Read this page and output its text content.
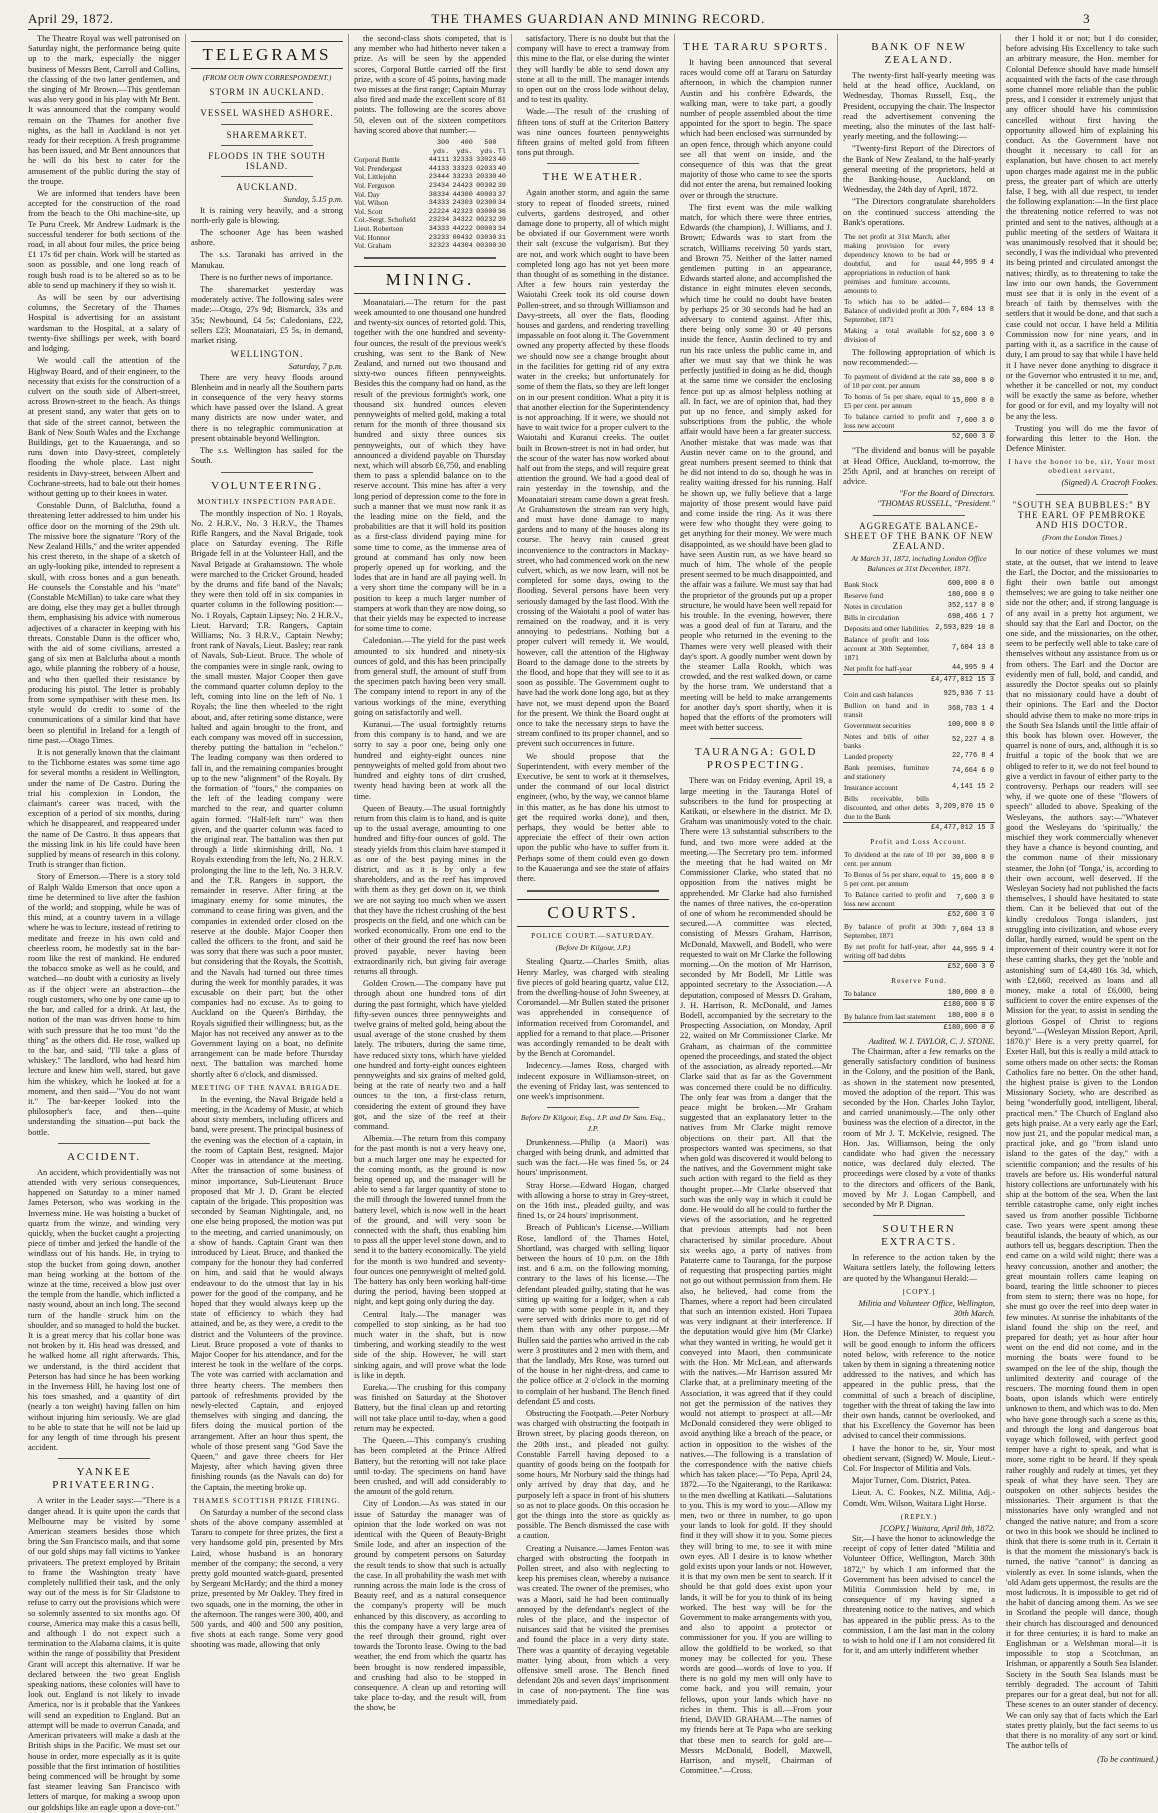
April 29, 1872.	THE THAMES GUARDIAN AND MINING RECORD.	3

The Theatre Royal was well patronised on Saturday night, the performance being quite up to the mark, especially the nigger business of Messrs Bent, Carroll and Collins, the classing of the two latter gentlemen, and the singing of Mr Brown.—This gentleman was also very good in his play with Mr Bent. It was announced that the company would remain on the Thames for another five nights, as the hall in Auckland is not yet ready for their reception. A fresh programme has been issued, and Mr Bent announces that he will do his best to cater for the amusement of the public during the stay of the troupe.

We are informed that tenders have been accepted for the construction of the road from the beach to the Ohi machine-site, up Te Puru Creek. Mr Andrew Ludmark is the successful tenderer for both sections of the road, in all about four miles, the price being £1 17s 6d per chain. Work will be started as soon as possible, and one long reach of rough bush road is to be altered so as to be able to send up machinery if they so wish it.

As will be seen by our advertising columns, the Secretary of the Thames Hospital is advertising for an assistant wardsman to the Hospital, at a salary of twenty-five shillings per week, with board and lodging.

We would call the attention of the Highway Board, and of their engineer, to the necessity that exists for the construction of a culvert on the south side of Albert-street, across Brown-street to the beach. As things at present stand, any water that gets on to that side of the street cannot, between the Bank of New South Wales and the Exchange Buildings, get to the Kauaeranga, and so runs down into Davy-street, completely flooding the whole place. Last night residents in Davy-street, between Albert and Cochrane-streets, had to bale out their homes without getting up to their knees in water.

Constable Dunn, of Balclutha, found a threatening letter addressed to him under his office door on the morning of the 29th ult. The missive bore the signature "Rory of the New Zealand Hills," and the writer appended his crest thereto, in the shape of a sketch of an ugly-looking pike, intended to represent a skull, with cross bones and a gun beneath. He counsels the Constable and his "mate" (Constable McMillan) to take care what they are doing, else they may get a bullet through them, emphasising his advice with numerous adjectives of a character in keeping with his threats. Constable Dunn is the officer who, with the aid of some civilians, arrested a gang of six men at Balclutha about a month ago, while planning the robbery of a house, and who then quelled their resistance by producing his pistol. The letter is probably from some sympathiser with these men. Its style would do credit to some of the communications of a similar kind that have been so plentiful in Ireland for a length of time past.—Otago Times.

It is not generally known that the claimant to the Tichborne estates was some time ago for several months a resident in Wellington, under the name of De Castro. During the trial his complexion in London, the claimant's career was traced, with the exception of a period of six months, during which he disappeared, and reappeared under the name of De Castro. It thus appears that the missing link in his life could have been supplied by means of research in this colony. Truth is stranger than fiction.

Story of Emerson.—There is a story told of Ralph Waldo Emerson that once upon a time he determined to live after the fashion of the world; and stopping, while he was of this mind, at a country tavern in a village where he was to lecture, instead of retiring to meditate and freeze in his own cold and cheerless room, he modestly sat in the bar-room like the rest of mankind. He endured the tobacco smoke as well as he could, and watched—no doubt with a curiosity as lively as if the object were an abstraction—the rough customers, who one by one came up to the bar, and called for a drink. At last, the notion of the man was driven home to him with such pressure that he too must "do the thing" as the others did. He rose, walked up to the bar, and said, "I'll take a glass of whiskey." The landlord, who had heard him lecture and knew him well, stared, but gave him the whiskey, which he looked at for a moment, and then said—"You do not want it." The bar-keeper looked into the philosopher's face, and then—quite understanding the situation—put back the bottle.

ACCIDENT.

An accident, which providentially was not attended with very serious consequences, happened on Saturday to a miner named James Peterson, who was working in the Inverness mine. He was hoisting a bucket of quartz from the winze, and winding very quickly, when the bucket caught a projecting piece of timber and jerked the handle of the windlass out of his hands. He, in trying to stop the bucket from going down, another man being working at the bottom of the winze at the time, received a blow just over the temple from the handle, which inflicted a nasty wound, about an inch long. The second turn of the handle struck him on the shoulder, and so managed to hold the bucket. It is a great mercy that his collar bone was not broken by it. His head was dressed, and he walked home all right afterwards. This, we understand, is the third accident that Peterson has had since he has been working in the Inverness Hill, he having lost one of his toes smashed, and a quantity of dirt (nearly a ton weight) having fallen on him without injuring him seriously. We are glad to be able to state that he will not be laid up for any length of time through his present accident.

YANKEE PRIVATEERING.

A writer in the Leader says:—"There is a danger ahead. It is quite upon the cards that Melbourne may be visited by some American steamers besides those which bring the San Francisco mails, and that some of our gold ships may fall victims to Yankee privateers. The pretext employed by Britain to frame the Washington treaty have completely nullified their task, and the only way out of the mess is for Sir Gladstone to refuse to carry out the provisions which were so solemnly assented to six months ago. Of course, America may make this a casus belli, and although I do not expect such a termination to the Alabama claims, it is quite within the range of possibility that President Grant will accept this alternative. If war be declared between the two great English speaking nations, these colonies will have to look out. England is not likely to invade America, nor is it probable that the Yankees will send an expedition to England. But an attempt will be made to overrun Canada, and American privateers will make a dash at the British ships in the Pacific. We must set our house in order, more especially as it is quite possible that the first intimation of hostilities being commenced will be brought by some fast steamer leaving San Francisco with letters of marque, for making a swoop upon our goldships like an eagle upon a dove-cot."

TELEGRAMS
(FROM OUR OWN CORRESPONDENT.)
STORM IN AUCKLAND.
VESSEL WASHED ASHORE.
SHAREMARKET.
FLOODS IN THE SOUTH ISLAND.
AUCKLAND.
Sunday, 5.15 p.m.

It is raining very heavily, and a strong north-erly gale is blowing.

The schooner Age has been washed ashore.

The s.s. Taranaki has arrived in the Manukau.

There is no further news of importance.

The sharemarket yesterday was moderately active. The following sales were made:—Otago, 27s 9d; Bismarck, 33s and 35s; Newbound, £4 5s; Caledonians, £22, sellers £23; Moanataiari, £5 5s, in demand, market rising.

WELLINGTON.
Saturday, 7 p.m.

There are very heavy floods around Blenheim and in nearly all the Southern parts in consequence of the very heavy storms which have passed over the Island. A great many districts are now under water, and there is no telegraphic communication at present obtainable beyond Wellington.

The s.s. Wellington has sailed for the South.

VOLUNTEERING.
MONTHLY INSPECTION PARADE.

The monthly inspection of No. 1 Royals, No. 2 H.R.V., No. 3 H.R.V., the Thames Rifle Rangers, and the Naval Brigade, took place on Saturday evening. The Rifle Brigade fell in at the Volunteer Hall, and the Naval Brigade at Grahamstown. The whole were marched to the Cricket Ground, headed by the drums and fife band of the Navals; they were then told off in six companies in quarter column in the following position:—No. 1 Royals, Captain Lipsey; No. 2 H.R.V., Lieut. Harvard; T.R. Rangers, Captain Williams; No. 3 H.R.V., Captain Newby; front rank of Navals, Lieut. Basley; rear rank of Navals, Sub-Lieut. Bruce. The whole of the companies were in single rank, owing to the small muster. Major Cooper then gave the command quarter column deploy to the left, coming into line on the left of No. 1 Royals; the line then wheeled to the right about, and, after retiring some distance, were halted and again brought to the front, and each company was moved off in succession, thereby putting the battalion in "echelon." The leading company was then ordered to fall in, and the remaining companies brought up to the new "alignment" of the Royals. By the formation of "fours," the companies on the left of the leading company were marched to the rear, and quarter column again formed. "Half-left turn" was then given, and the quarter column was faced to the original rear. The battalion was then put through a little skirmishing drill, No. 1 Royals extending from the left, No. 2 H.R.V. prolonging the line to the left, No. 3 H.R.V. and the T.R. Rangers in support, the remainder in reserve. After firing at the imaginary enemy for some minutes, the command to cease firing was given, and the companies in extended order closed on the reserve at the double. Major Cooper then called the officers to the front, and said he was sorry that there was such a poor muster, but considering that the Royals, the Scottish, and the Navals had turned out three times during the week for monthly parades, it was excusable on their part; but the other companies had no excuse. As to going to Auckland on the Queen's Birthday, the Royals signified their willingness; but, as the Major has not received any answer as to the Government laying on a boat, no definite arrangement can be made before Thursday next. The battalion was marched home shortly after 6 o'clock, and dismissed.

MEETING OF THE NAVAL BRIGADE.

In the evening, the Naval Brigade held a meeting, in the Academy of Music, at which about sixty members, including officers and band, were present. The principal business of the evening was the election of a captain, in the room of Captain Best, resigned. Major Cooper was in attendance at the meeting. After the transaction of some business of minor importance, Sub-Lieutenant Bruce proposed that Mr J. D. Grant be elected captain of the brigade. This proposition was seconded by Seaman Nightingale, and, no one else being proposed, the motion was put to the meeting, and carried unanimously, on a show of hands. Captain Grant was then introduced by Lieut. Bruce, and thanked the company for the honour they had conferred on him, and said that he would always endeavour to do the utmost that lay in his power for the good of the company, and he hoped that they would always keep up the state of efficiency to which they had attained, and be, as they were, a credit to the district and the Volunteers of the province. Lieut. Bruce proposed a vote of thanks to Major Cooper for his attendance, and for the interest he took in the welfare of the corps. The vote was carried with acclamation and three hearty cheers. The members then partook of refreshments provided by the newly-elected Captain, and enjoyed themselves with singing and dancing, the fifers doing the musical portion of the arrangement. After an hour thus spent, the whole of those present sang "God Save the Queen," and gave three cheers for Her Majesty, after which having given three finishing rounds (as the Navals can do) for the Captain, the meeting broke up.

THAMES SCOTTISH PRIZE FIRING.

On Saturday a number of the second class shots of the above company assembled at Tararu to compete for three prizes, the first a very handsome gold pin, presented by Mrs Laird, whose husband is an honorary member of the company; the second, a very pretty gold mounted watch-guard, presented by Sergeant McHardy; and the third a money prize, presented by Mr Oakley. They fired in two squads, one in the morning, the other in the afternoon. The ranges were 300, 400, and 500 yards, and 400 and 500 any position, five shots at each range. Some very good shooting was made, allowing that only

the second-class shots competed, that is any member who had hitherto never taken a prize. As will be seen by the appended scores, Corporal Buttle carried off the first prize, with a score of 45 points, having made two misses at the first range; Captain Murray also fired and made the excellent score of 81 points. The following are the scores above 50, eleven out of the sixteen competitors having scored above that number:—

	300	400	500	
	yds.	yds.	yds.	Tl
Corporal Buttle	44111	32333	33023	40
Vol. Prendergast	44133	33323	02033	40
Vol. Littlejohn	23444	33233	20330	40
Vol. Ferguson	23434	24423	00302	39
Vol. Day	38334	44300	40003	37
Vol. Wilson	34333	24303	02300	34
Vol. Scott	22224	42323	03000	36
Col.-Sergt. Schofield	23234	34322	00232	39
Lieut. Robertson	34333	44222	00003	34
Vol. Honnor	23233	00432	03030	31
Vol. Graham	32323	44304	00300	30
MINING.

Moanataiari.—The return for the past week amounted to one thousand one hundred and twenty-six ounces of retorted gold. This, together with the one hundred and seventy-four ounces, the result of the previous week's crushing, was sent to the Bank of New Zealand, and turned out two thousand and sixty-two ounces fifteen pennyweights. Besides this the company had on hand, as the result of the previous fortnight's work, one thousand six hundred ounces eleven pennyweights of melted gold, making a total return for the month of three thousand six hundred and sixty three ounces six pennyweights, out of which they have announced a dividend payable on Thursday next, which will absorb £6,750, and enabling them to pass a splendid balance on to the reserve account. This mine has after a very long period of depression come to the fore in such a manner that we must now rank it as the leading mine on the field, and the probabilities are that it will hold its position as a first-class dividend paying mine for some time to come, as the immense area of ground at command has only now been properly opened up for working, and the lodes that are in hand are all paying well. In a very short time the company will be in a position to keep a much larger number of stampers at work than they are now doing, so that their yields may be expected to increase for some time to come.

Caledonian.—The yield for the past week amounted to six hundred and ninety-six ounces of gold, and this has been principally from general stuff, the amount of stuff from the specimen patch having been very small. The company intend to report in any of the various workings of the mine, everything going on satisfactorily and well.

Kuranui.—The usual fortnightly returns from this company is to hand, and we are sorry to say a poor one, being only one hundred and eighty-eight ounces nine pennyweights of melted gold from about two hundred and eighty tons of dirt crushed, twenty head having been at work all the time.

Queen of Beauty.—The usual fortnightly return from this claim is to hand, and is quite up to the usual average, amounting to one hundred and fifty-four ounces of gold. The steady yields from this claim have stamped it as one of the best paying mines in the district, and as it is by only a few shareholders, and as the reef has improved with them as they get down on it, we think we are not saying too much when we assert that they have the richest crushing of the best prospects on the field, and one which can be worked economically. From one end to the other of their ground the reef has now been proved payable, never having been extraordinarily rich, but giving fair average returns all through.

Golden Crown.—The company have put through about one hundred tons of dirt during the past fortnight, which have yielded fifty-seven ounces three pennyweights and twelve grains of melted gold, being about the usual average of the stone crushed by them lately. The tributers, during the same time, have reduced sixty tons, which have yielded one hundred and forty-eight ounces eighteen pennyweights and six grains of melted gold, being at the rate of nearly two and a half ounces to the ton, a first-class return, considering the extent of ground they have got, and the size of the reef at their command.

Albemia.—The return from this company for the past month is not a very heavy one, but a much larger one may be expected for the coming month, as the ground is now being opened up, and the manager will be able to send a far larger quantity of stone to the mill through the lowered tunnel from the battery level, which is now well in the heart of the ground, and will very soon be connected with the shaft, thus enabling him to pass all the upper level stone down, and to send it to the battery economically. The yield for the month is two hundred and seventy-four ounces one pennyweight of melted gold. The battery has only been working half-time during the period, having been stopped at night, and kept going only during the day.

Central Italy.—The manager was compelled to stop sinking, as he had too much water in the shaft, but is now timbering, and working steadily to the west side of the ship. However, he will start sinking again, and will prove what the lode is like in depth.

Eureka.—The crushing for this company was finished on Saturday at the Shotover Battery, but the final clean up and retorting will not take place until to-day, when a good return may be expected.

The Queen.—This company's crushing has been completed at the Prince Alfred Battery, but the retorting will not take place until to-day. The specimens on hand have been crushed, and will add considerably to the amount of the gold return.

City of London.—As was stated in our issue of Saturday the manager was of opinion that the lode worked on was not identical with the Queen of Beauty-Bright Smile lode, and after an inspection of the ground by competent persons on Saturday the result tends to show that such is actually the case. In all probability the wash met with running across the main lode is the cross of Beauty reef, and as a natural consequence the company's property will be much enhanced by this discovery, as according to this the company have a very large area of the reef through their ground, right over towards the Toronto lease. Owing to the bad weather, the end from which the quartz has been brought is now rendered impassible, and crushing had also to be stopped in consequence. A clean up and retorting will take place to-day, and the result will, from the show, be

satisfactory. There is no doubt but that the company will have to erect a tramway from this mine to the flat, or else during the winter they will hardly be able to send down any stone at all to the mill. The manager intends to open out on the cross lode without delay, and to test its quality.

Wade.—The result of the crushing of fifteen tons of stuff at the Criterion Battery was nine ounces fourteen pennyweights fifteen grains of melted gold from fifteen tons put through.

THE WEATHER.

Again another storm, and again the same story to repeat of flooded streets, ruined culverts, gardens destroyed, and other damage done to property, all of which might be obviated if our Government were worth their salt (excuse the vulgarism). But they are not, and work which ought to have been completed long ago has not yet been more than thought of as something in the distance. After a few hours rain yesterday the Waiotahi Creek took its old course down Pollen-street, and so through Williamson and Davy-streets, all over the flats, flooding houses and gardens, and rendering travelling impassable on foot along it. The Government owned any property affected by these floods we should now see a change brought about in the facilities for getting rid of any extra water in the creeks; but unfortunately for some of them the flats, so they are left longer on in our present condition. What a pity it is that another election for the Superintendency is not approaching. If it were, we should not have to wait twice for a proper culvert to the Waiotahi and Kuranui creeks. The outlet built in Brown-street is not in bad order, but the scour of the water has now worked about half out from the steps, and will require great attention the ground. We had a good deal of rain yesterday in the township, and the Moanataiari stream came down a great fresh. At Grahamstown the stream ran very high, and must have done damage to many gardens and to many of the houses along its course. The heavy rain caused great inconvenience to the contractors in Mackay-street, who had commenced work on the new culvert, which, as we now learn, will not be completed for some days, owing to the flooding. Several persons have been very seriously damaged by the last flood. With the crossing of the Waiotahi a pool of water has remained on the roadway, and it is very annoying to pedestrians. Nothing but a proper culvert will remedy it. We would, however, call the attention of the Highway Board to the damage done to the streets by the flood, and hope that they will see to it as soon as possible. The Government ought to have had the work done long ago, but as they have not, we must depend upon the Board for the present. We think the Board ought at once to take the necessary steps to have the stream confined to its proper channel, and so prevent such occurrences in future.

We should propose that the Superintendent, with every member of the Executive, be sent to work at it themselves, under the command of our local district engineer, (who, by the way, we cannot blame in this matter, as he has done his utmost to get the required works done), and then, perhaps, they would be better able to appreciate the effect of their own action upon the public who have to suffer from it. Perhaps some of them could even go down to the Kauaeranga and see the state of affairs there.

COURTS.
POLICE COURT.—SATURDAY.
(Before Dr Kilgour, J.P.)

Stealing Quartz.—Charles Smith, alias Henry Marley, was charged with stealing five pieces of gold bearing quartz, value £12, from the dwelling-house of John Sweeney, at Coromandel.—Mr Bullen stated the prisoner was apprehended in consequence of information received from Coromandel, and applied for a remand to that place.—Prisoner was accordingly remanded to be dealt with by the Bench at Coromandel.

Indecency.—James Ross, charged with indecent exposure in Williamson-street, on the evening of Friday last, was sentenced to one week's imprisonment.

Before Dr Kilgour, Esq., J.P. and Dr Sam. Esq., J.P.

Drunkenness.—Philip (a Maori) was charged with being drunk, and admitted that such was the fact.—He was fined 5s, or 24 hours' imprisonment.

Stray Horse.—Edward Hogan, charged with allowing a horse to stray in Grey-street, on the 16th inst., pleaded guilty, and was fined 1s, or 24 hours' imprisonment.

Breach of Publican's License.—William Rose, landlord of the Thames Hotel, Shortland, was charged with selling liquor between the hours of 10 p.m. on the 18th inst. and 6 a.m. on the following morning, contrary to the laws of his license.—The defendant pleaded guilty, stating that he was sitting up waiting for a lodger, when a cab came up with some people in it, and they were served with drinks more to get rid of them than with any other purpose.—Mr Bullen said the parties who arrived in the cab were 3 prostitutes and 2 men with them, and that the landlady, Mrs Rose, was turned out of the house in her night-dress, and came to the police office at 2 o'clock in the morning to complain of her husband. The Bench fined defendant £5 and costs.

Obstructing the Footpath.—Peter Norbury was charged with obstructing the footpath in Brown street, by placing goods thereon, on the 20th inst., and pleaded not guilty. Constable Farrell having deposed to a quantity of goods being on the footpath for some hours, Mr Norbury said the things had only arrived by dray that day, and he purposely left a space in front of his shutters so as not to place goods. On this occasion he got the things into the store as quickly as possible. The Bench dismissed the case with a caution.

Creating a Nuisance.—James Fenton was charged with obstructing the footpath in Pollen street, and also with neglecting to keep his premises clean, whereby a nuisance was created. The owner of the premises, who was a Maori, said he had been continually annoyed by the defendant's neglect of the rules of the place, and the inspector of nuisances said that he visited the premises and found the place in a very dirty state. There was a quantity of decaying vegetable matter lying about, from which a very offensive smell arose. The Bench fined defendant 20s and seven days' imprisonment in case of non-payment. The fine was immediately paid.

THE TARARU SPORTS.

It having been announced that several races would come off at Tararu on Saturday afternoon, in which the champion runner Austin and his confrère Edwards, the walking man, were to take part, a goodly number of people assembled about the time appointed for the sport to begin. The space which had been enclosed was surrounded by an open fence, through which anyone could see all that went on inside, and the consequence of this was that the great majority of those who came to see the sports did not enter the arena, but remained looking over or through the structure.

The first event was the mile walking match, for which there were three entries, Edwards (the champion), J. Williams, and J. Brown; Edwards was to start from the scratch, Williams receiving 50 yards start, and Brown 75. Neither of the latter named gentlemen putting in an appearance, Edwards started alone, and accomplished the distance in eight minutes eleven seconds, which time he could no doubt have beaten by perhaps 25 or 30 seconds had he had an adversary to contend against. After this, there being only some 30 or 40 persons inside the fence, Austin declined to try and run his race unless the public came in, and after we must say that we think he was perfectly justified in doing as he did, though at the same time we consider the enclosing fence put up as almost helpless nothing at all. In fact, we are of opinion that, had they put up no fence, and simply asked for subscriptions from the public, the whole affair would have been a far greater success. Another mistake that was made was that Austin never came on to the ground, and great numbers present seemed to think that he did not intend to do so, though he was in reality waiting dressed for his running. Half he shown up, we fully believe that a large majority of those present would have paid and come inside the ring. As it was there were few who thought they were going to get anything for their money. We were much disappointed, as we should have been glad to have seen Austin run, as we have heard so much of him. The whole of the people present seemed to be much disappointed, and the affair was a failure. We must say that had the proprietor of the grounds put up a proper structure, he would have been well repaid for his trouble. In the evening, however, there was a good deal of fun at Tararu, and the people who returned in the evening to the Thames were very well pleased with their day's sport. A goodly number went down by the steamer Lalla Rookh, which was crowded, and the rest walked down, or came by the horse tram. We understand that a meeting will be held to make arrangements for another day's sport shortly, when it is hoped that the efforts of the promoters will meet with better success.

TAURANGA: GOLD PROSPECTING.

There was on Friday evening, April 19, a large meeting in the Tauranga Hotel of subscribers to the fund for prospecting at Katikati, or elsewhere in the district. Mr D. Graham was unanimously voted to the chair. There were 13 substantial subscribers to the fund, and two more were added at the meeting.—The Secretary pro tem. informed the meeting that he had waited on Mr Commissioner Clarke, who stated that no opposition from the natives might be apprehended. Mr Clarke had also furnished the names of three natives, the co-operation of one of whom he recommended should be secured.—A committee was elected, consisting of Messrs Graham, Harrison, McDonald, Maxwell, and Bodell, who were requested to wait on Mr Clarke the following morning.—On the motion of Mr Harrison, seconded by Mr Bodell, Mr Little was appointed secretary to the Association.—A deputation, composed of Messrs D. Graham, J. H. Harrison, R. McDonald, and James Bodell, accompanied by the secretary to the Prospecting Association, on Monday, April 22, waited on Mr Commissioner Clarke. Mr Graham, as chairman of the committee opened the proceedings, and stated the object of the association, as already reported.—Mr Clarke said that as far as the Government was concerned there could be no difficulty. The only fear was from a danger that the peace might be broken.—Mr Graham suggested that an explanatory letter to the natives from Mr Clarke might remove objections on their part. All that the prospectors wanted was specimens, so that when gold was discovered it would belong to the natives, and the Government might take such action with regard to the field as they thought proper.—Mr Clarke observed that such was the only way in which it could be done. He would do all he could to further the views of the association, and he regretted that previous attempts had not been characterised by similar procedure. About six weeks ago, a party of natives from Pataterre came to Tauranga, for the purpose of requesting that prospecting parties might not go out without permission from them. He also, he believed, had come from the Thames, where a report had been circulated that such an intention existed. Hori Tupaea was very indignant at their interference. If the deputation would give him (Mr Clarke) what they wanted in writing, he would get it conveyed into Maori, then communicate with the Hon. Mr McLean, and afterwards with the natives.—Mr Harrison assured Mr Clarke that, at a preliminary meeting of the Association, it was agreed that if they could not get the permission of the natives they would not attempt to prospect at all.—Mr McDonald considered they were obliged to avoid anything like a breach of the peace, or action in opposition to the wishes of the natives.—The following is a translation of the correspondence with the native chiefs which has taken place:—"To Pepa, April 24, 1872.—To the Ngaiterangi, to the Rarikawa: to the men dwelling at Katikati.—Salutations to you. This is my word to you:—Allow my men, two or three in number, to go upon your lands to look for gold. If they should find it they will show it to you. Some pieces they will bring to me, to see it with mine own eyes. All I desire is to know whether gold exists upon your lands or not. However, it is that my own men be sent to search. If it should be that gold does exist upon your lands, it will be for you to think of its being worked. The best way will be for the Government to make arrangements with you, and also to appoint a protector or commissioner for you. If you are willing to allow the goldfield to be worked, so that money may be collected for you. These words are good—words of love to you. If there is no gold my men will only have to come back, and you will remain, your fellows, upon your lands which have no riches in them. This is all.—From your friend, DAVID GRAHAM.—The names of my friends here at Te Papa who are seeking that these men to search for gold are—Messrs McDonald, Bodell, Maxwell, Harrison, and myself, Chairman of Committee."—Cross.

BANK OF NEW ZEALAND.

The twenty-first half-yearly meeting was held at the head office, Auckland, on Wednesday, Thomas Russell, Esq., the President, occupying the chair. The Inspector read the advertisement convening the meeting, also the minutes of the last half-yearly meeting, and the following:—

"Twenty-first Report of the Directors of the Bank of New Zealand, to the half-yearly general meeting of the proprietors, held at the Banking-house, Auckland, on Wednesday, the 24th day of April, 1872.

"The Directors congratulate shareholders on the continued success attending the Bank's operations.

The net profit at 31st March, after making provision for every dependency known to be bad or doubtful, and for usual appropriations in reduction of bank premises and furniture accounts, amounts to	44,995 9 4
To which has to be added—Balance of undivided profit at 30th September, 1871	7,604 13 8
Making a total available for division of	52,600 3 0

The following appropriation of which is now recommended:—

To payment of dividend at the rate of 10 per cent. per annum	30,000 0 0
To bonus of 5s per share, equal to £5 per cent. per annum	15,000 0 0
To balance carried to profit and loss new account	7,600 3 0
	52,600 3 0

"The dividend and bonus will be payable at Head Office, Auckland, to-morrow, the 25th April, and at branches on receipt of advice.

"For the Board of Directors.
"THOMAS RUSSELL, "President."
AGGREGATE BALANCE-SHEET OF THE BANK OF NEW ZEALAND.
At March 31, 1872, including London Office Balances at 31st December, 1871.
Bank Stock	600,000 0 0
Reserve fund	180,000 0 0
Notes in circulation	352,117 0 0
Bills in circulation	698,466 1 7
Deposits and other liabilities	2,593,829 10 8
Balance of profit and loss account at 30th September, 1871	7,604 13 8
Net profit for half-year	44,995 9 4
	£4,477,012 15 3
Coin and cash balances	925,936 7 11
Bullion on hand and in transit	368,783 1 4
Government securities	100,000 0 0
Notes and bills of other banks	52,227 4 8
Landed property	22,776 8 4
Bank premises, furniture and stationery	74,664 6 0
Insurance account	4,141 15 2
Bills receivable, bills discounted, and other debts due to the Bank	3,209,070 15 0
	£4,477,012 15 3
Profit and Loss Account.
To dividend at the rate of 10 per cent. per annum	30,000 0 0
To Bonus of 5s per share, equal to 5 per cent. per annum	15,000 0 0
To Balance carried to profit and loss new account	7,600 3 0
	£52,600 3 0
By balance of profit at 30th September, 1871	7,604 13 8
By net profit for half-year, after writing off bad debts	44,995 9 4
	£52,600 3 0
Reserve Fund.
To balance	180,000 0 0
	£180,000 0 0
By balance from last statement	180,000 0 0
	£180,000 0 0
Audited. W. I. TAYLOR, C. J. STONE.

The Chairman, after a few remarks on the generally satisfactory condition of business in the Colony, and the position of the Bank, as shown in the statement now presented, moved the adoption of the report. This was seconded by the Hon. Charles John Taylor, and carried unanimously.—The only other business was the election of a director, in the room of Mr J. T. McKelvie, resigned. The Hon. Jas. Williamson, being the only candidate who had given the necessary notice, was declared duly elected. The proceedings were closed by a vote of thanks to the directors and officers of the Bank, moved by Mr J. Logan Campbell, and seconded by Mr P. Dignan.

SOUTHERN EXTRACTS.

In reference to the action taken by the Waitara settlers lately, the following letters are quoted by the Whanganui Herald:—

[COPY.]
Militia and Volunteer Office, Wellington, 30th March.

Sir,—I have the honor, by direction of the Hon. the Defence Minister, to request you will be good enough to inform the officers noted below, with reference to the notice taken by them in signing a threatening notice addressed to the natives, and which has appeared in the public press, that the committal of such a breach of discipline, together with the threat of taking the law into their own hands, cannot be overlooked, and that his Excellency the Governor has been advised to cancel their commissions.

I have the honor to be, sir, Your most obedient servant, (Signed) W. Moule, Lieut.-Col. For Inspector of Militia and Vols.

Major Turner, Com. District, Patea.

Lieut. A. C. Fookes, N.Z. Militia, Adj.-Comdt. Wm. Wilson, Waitara Light Horse.

(REPLY.)
[COPY.] Waitara, April 8th, 1872.

Sir,—I have the honor to acknowledge the receipt of copy of letter dated "Militia and Volunteer Office, Wellington, March 30th 1872," by which I am informed that the Government has been advised to cancel the Militia Commission held by me, in consequence of my having signed a threatening notice to the natives, and which has appeared in the public press. As to the commission, I am the last man in the colony to wish to hold one if I am not considered fit for it, and am utterly indifferent whether

ther I hold it or not; but I do consider, before advising His Excellency to take such an arbitrary measure, the Hon. member for Colonial Defence should have made himself acquainted with the facts of the case through some channel more reliable than the public press, and I consider it extremely unjust that any officer should have his commission cancelled without first having the opportunity allowed him of explaining his conduct. As the Government have not thought it necessary to call for an explanation, but have chosen to act merely upon charges made against me in the public press, the greater part of which are utterly false, I beg, with all due respect, to tender the following explanation:—In the first place the threatening notice referred to was not printed and sent to the natives, although at a public meeting of the settlers of Waitara it was unanimously resolved that it should be; secondly, I was the individual who prevented its being printed and circulated amongst the natives; thirdly, as to threatening to take the law into our own hands, the Government must see that it is only in the event of a breach of faith by themselves with the settlers that it would be done, and that such a case could not occur. I have held a Militia Commission now for nine years, and in parting with it, as a sacrifice in the cause of duty, I am proud to say that while I have held it I have never done anything to disgrace it or the Governor who entrusted it to me, and, whether it be cancelled or not, my conduct will be exactly the same as before, whether for good or for evil, and my loyalty will not be any the less.

Trusting you will do me the favor of forwarding this letter to the Hon. the Defence Minister.

I have the honor to be, sir, Your most obedient servant,
(Signed) A. Cracroft Fookes.
"SOUTH SEA BUBBLES:" BY THE EARL OF PEMBROKE AND HIS DOCTOR.
(From the London Times.)

In our notice of these volumes we must state, at the outset, that we intend to leave the Earl, the Doctor, and the missionaries to fight their own battle out amongst themselves; we are going to take neither one side nor the other; and, if strong language is of any avail in a pretty hot argument, we should say that the Earl and Doctor, on the one side, and the missionaries, on the other, seem to be perfectly well able to take care of themselves without any assistance from us or from others. The Earl and the Doctor are evidently men of full, bold, and candid, and assuredly the Doctor speaks out so plainly that no missionary could have a doubt of their opinions. The Earl and the Doctor should advise them to make no more trips in the South Sea Islands until the little affair of this book has blown over. However, the quarrel is none of ours, and, although it is so fruitful a topic of the book that we are obliged to refer to it, we do not feel bound to give a verdict in favour of either party to the controversy. Perhaps our readers will see why, if we quote one of these "flowers of speech" alluded to above. Speaking of the Wesleyans, the authors say:—"Whatever good the Wesleyans do 'spiritually,' the mischief they work commercially whenever they have a chance is beyond counting, and the common name of their missionary steamer, the John (of 'Tonga,' is, according to their own account, well deserved. If the Wesleyan Society had not published the facts themselves, I should have hesitated to state them. Can it be believed that out of the kindly credulous Tonga islanders, just struggling into civilization, and whose every dollar, hardly earned, would be spent on the improvement of their country were it not for these canting sharks, they get the 'noble and astonishing' sum of £4,480 16s 3d, which, with £2,660, received as loans and all money, make a total of £6,000, being sufficient to cover the entire expenses of the Mission for the year, to assist in sending the glorious Gospel of Christ to regions beyond."—(Wesleyan Mission Report, April, 1870.)" Here is a very pretty quarrel, for Exeter Hall, but this is really a mild attack to some others made on other sects: the Roman Catholics fare no better. On the other hand, the highest praise is given to the London Missionary Society, who are described as being "wonderfully good, intelligent, liberal, practical men." The Church of England also gets high praise. At a very early age the Earl, now just 21, and the popular medical man, a practical joke, and go "from island unto island to the gates of the day," with a scientific companion; and the results of his travels are before us. His wonderful natural history collections are unfortunately with his ship at the bottom of the sea. When the last terrible catastrophe came, only eight inches saved us from another possible Tichborne case. Two years were spent among these beautiful islands, the beauty of which, as our authors tell us, beggars description. Then the end came on a wild wild night; there was a heavy concussion, another and another; the great mountain rollers came leaping on board, tearing the little schooner to pieces from stem to stern; there was no hope, for she must go over the reef into deep water in few minutes. At sunrise the inhabitants of the island found the ship on the reef, and prepared for death; yet as hour after hour went on the end did not come, and in the morning the boats were found to be swamped on the lee of the ship, though the unlimited dexterity and courage of the rescuers. The morning found them in open boats, upon islands which were entirely unknown to them, and which was to do. Men who have gone through such a scene as this, and through the long and dangerous boat voyage which followed, with perfect good temper have a right to speak, and what is more, some right to be heard. If they speak rather roughly and rudely at times, yet they speak of what they have seen. They are outspoken on other subjects besides the missionaries. Their argument is that the missionaries have only wrangled and not changed the native nature; and from a score or two in this book we should be inclined to think that there is some truth in it. Certain it is that the moment the missionary's back is turned, the native "cannot" is dancing as violently as ever. In some islands, when the 'old Adam gets uppermost, the results are the most ludicrous. It is impossible to get rid of the habit of dancing among them. As we see in Scotland the people will dance, though their church has discouraged and denounced it for three centuries; it is hard to make an Englishman or a Welshman moral—it is impossible to stop a Scotchman, an Irishman, or apparently a South Sea Islander. Society in the South Sea Islands must be terribly degraded. The account of Tahiti prepares our for a great deal, but not for all. These scenes to an outer stander of decency. We can only say that of facts which the Earl states pretty plainly, but the fact seems to us that there is no morality of any sort or kind. The author tells of

(To be continued.)
